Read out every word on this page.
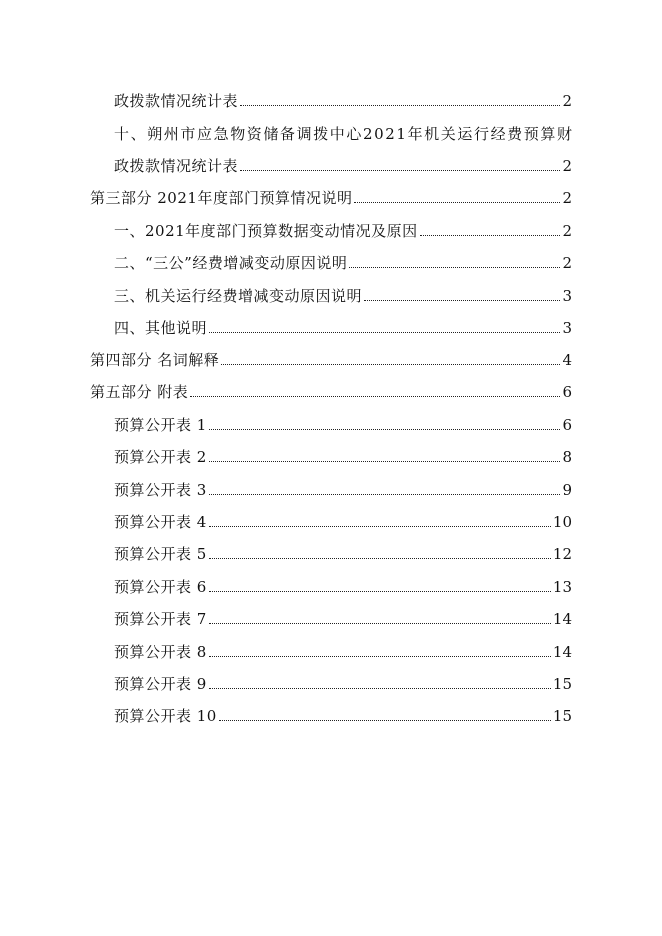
政拨款情况统计表	2
十、朔州市应急物资储备调拨中心2021年机关运行经费预算财
政拨款情况统计表	2
第三部分 2021年度部门预算情况说明	2
一、2021年度部门预算数据变动情况及原因	2
二、“三公”经费增减变动原因说明	2
三、机关运行经费增减变动原因说明	3
四、其他说明	3
第四部分 名词解释	4
第五部分 附表	6
预算公开表 1	6
预算公开表 2	8
预算公开表 3	9
预算公开表 4	10
预算公开表 5	12
预算公开表 6	13
预算公开表 7	14
预算公开表 8	14
预算公开表 9	15
预算公开表 10	15
